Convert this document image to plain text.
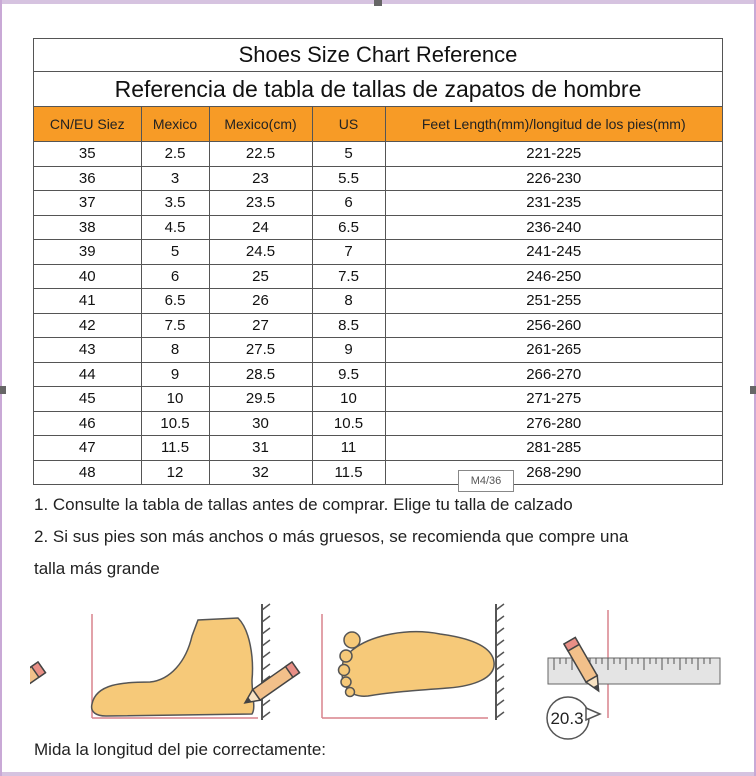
Shoes Size Chart Reference
Referencia de tabla de tallas de zapatos de hombre
CN/EU Siez	Mexico	Mexico(cm)	US	Feet Length(mm)/longitud de los pies(mm)
35	2.5	22.5	5	221-225
36	3	23	5.5	226-230
37	3.5	23.5	6	231-235
38	4.5	24	6.5	236-240
39	5	24.5	7	241-245
40	6	25	7.5	246-250
41	6.5	26	8	251-255
42	7.5	27	8.5	256-260
43	8	27.5	9	261-265
44	9	28.5	9.5	266-270
45	10	29.5	10	271-275
46	10.5	30	10.5	276-280
47	11.5	31	11	281-285
48	12	32	11.5	268-290
M4/36
1. Consulte la tabla de tallas antes de comprar. Elige tu talla de calzado
2. Si sus pies son más anchos o más gruesos, se recomienda que compre una
talla más grande
20.3
Mida la longitud del pie correctamente:
